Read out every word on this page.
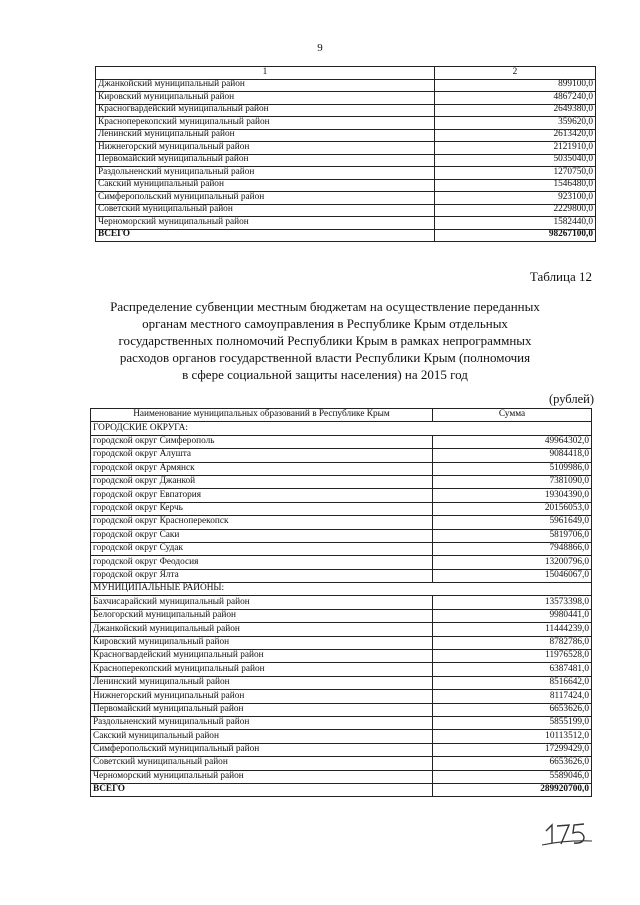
9
1	2
Джанкойский муниципальный район	899100,0
Кировский муниципальный район	4867240,0
Красногвардейский муниципальный район	2649380,0
Красноперекопский муниципальный район	359620,0
Ленинский муниципальный район	2613420,0
Нижнегорский муниципальный район	2121910,0
Первомайский муниципальный район	5035040,0
Раздольненский муниципальный район	1270750,0
Сакский муниципальный район	1546480,0
Симферопольский муниципальный район	923100,0
Советский муниципальный район	2229800,0
Черноморский муниципальный район	1582440,0
ВСЕГО	98267100,0
Таблица 12
Распределение субвенции местным бюджетам на осуществление переданных
органам местного самоуправления в Республике Крым отдельных
государственных полномочий Республики Крым в рамках непрограммных
расходов органов государственной власти Республики Крым (полномочия
в сфере социальной защиты населения) на 2015 год
(рублей)
Наименование муниципальных образований в Республике Крым	Сумма
ГОРОДСКИЕ ОКРУГА:	
городской округ Симферополь	49964302,0
городской округ Алушта	9084418,0
городской округ Армянск	5109986,0
городской округ Джанкой	7381090,0
городской округ Евпатория	19304390,0
городской округ Керчь	20156053,0
городской округ Красноперекопск	5961649,0
городской округ Саки	5819706,0
городской округ Судак	7948866,0
городской округ Феодосия	13200796,0
городской округ Ялта	15046067,0
МУНИЦИПАЛЬНЫЕ РАЙОНЫ:	
Бахчисарайский муниципальный район	13573398,0
Белогорский муниципальный район	9980441,0
Джанкойский муниципальный район	11444239,0
Кировский муниципальный район	8782786,0
Красногвардейский муниципальный район	11976528,0
Красноперекопский муниципальный район	6387481,0
Ленинский муниципальный район	8516642,0
Нижнегорский муниципальный район	8117424,0
Первомайский муниципальный район	6653626,0
Раздольненский муниципальный район	5855199,0
Сакский муниципальный район	10113512,0
Симферопольский муниципальный район	17299429,0
Советский муниципальный район	6653626,0
Черноморский муниципальный район	5589046,0
ВСЕГО	289920700,0
